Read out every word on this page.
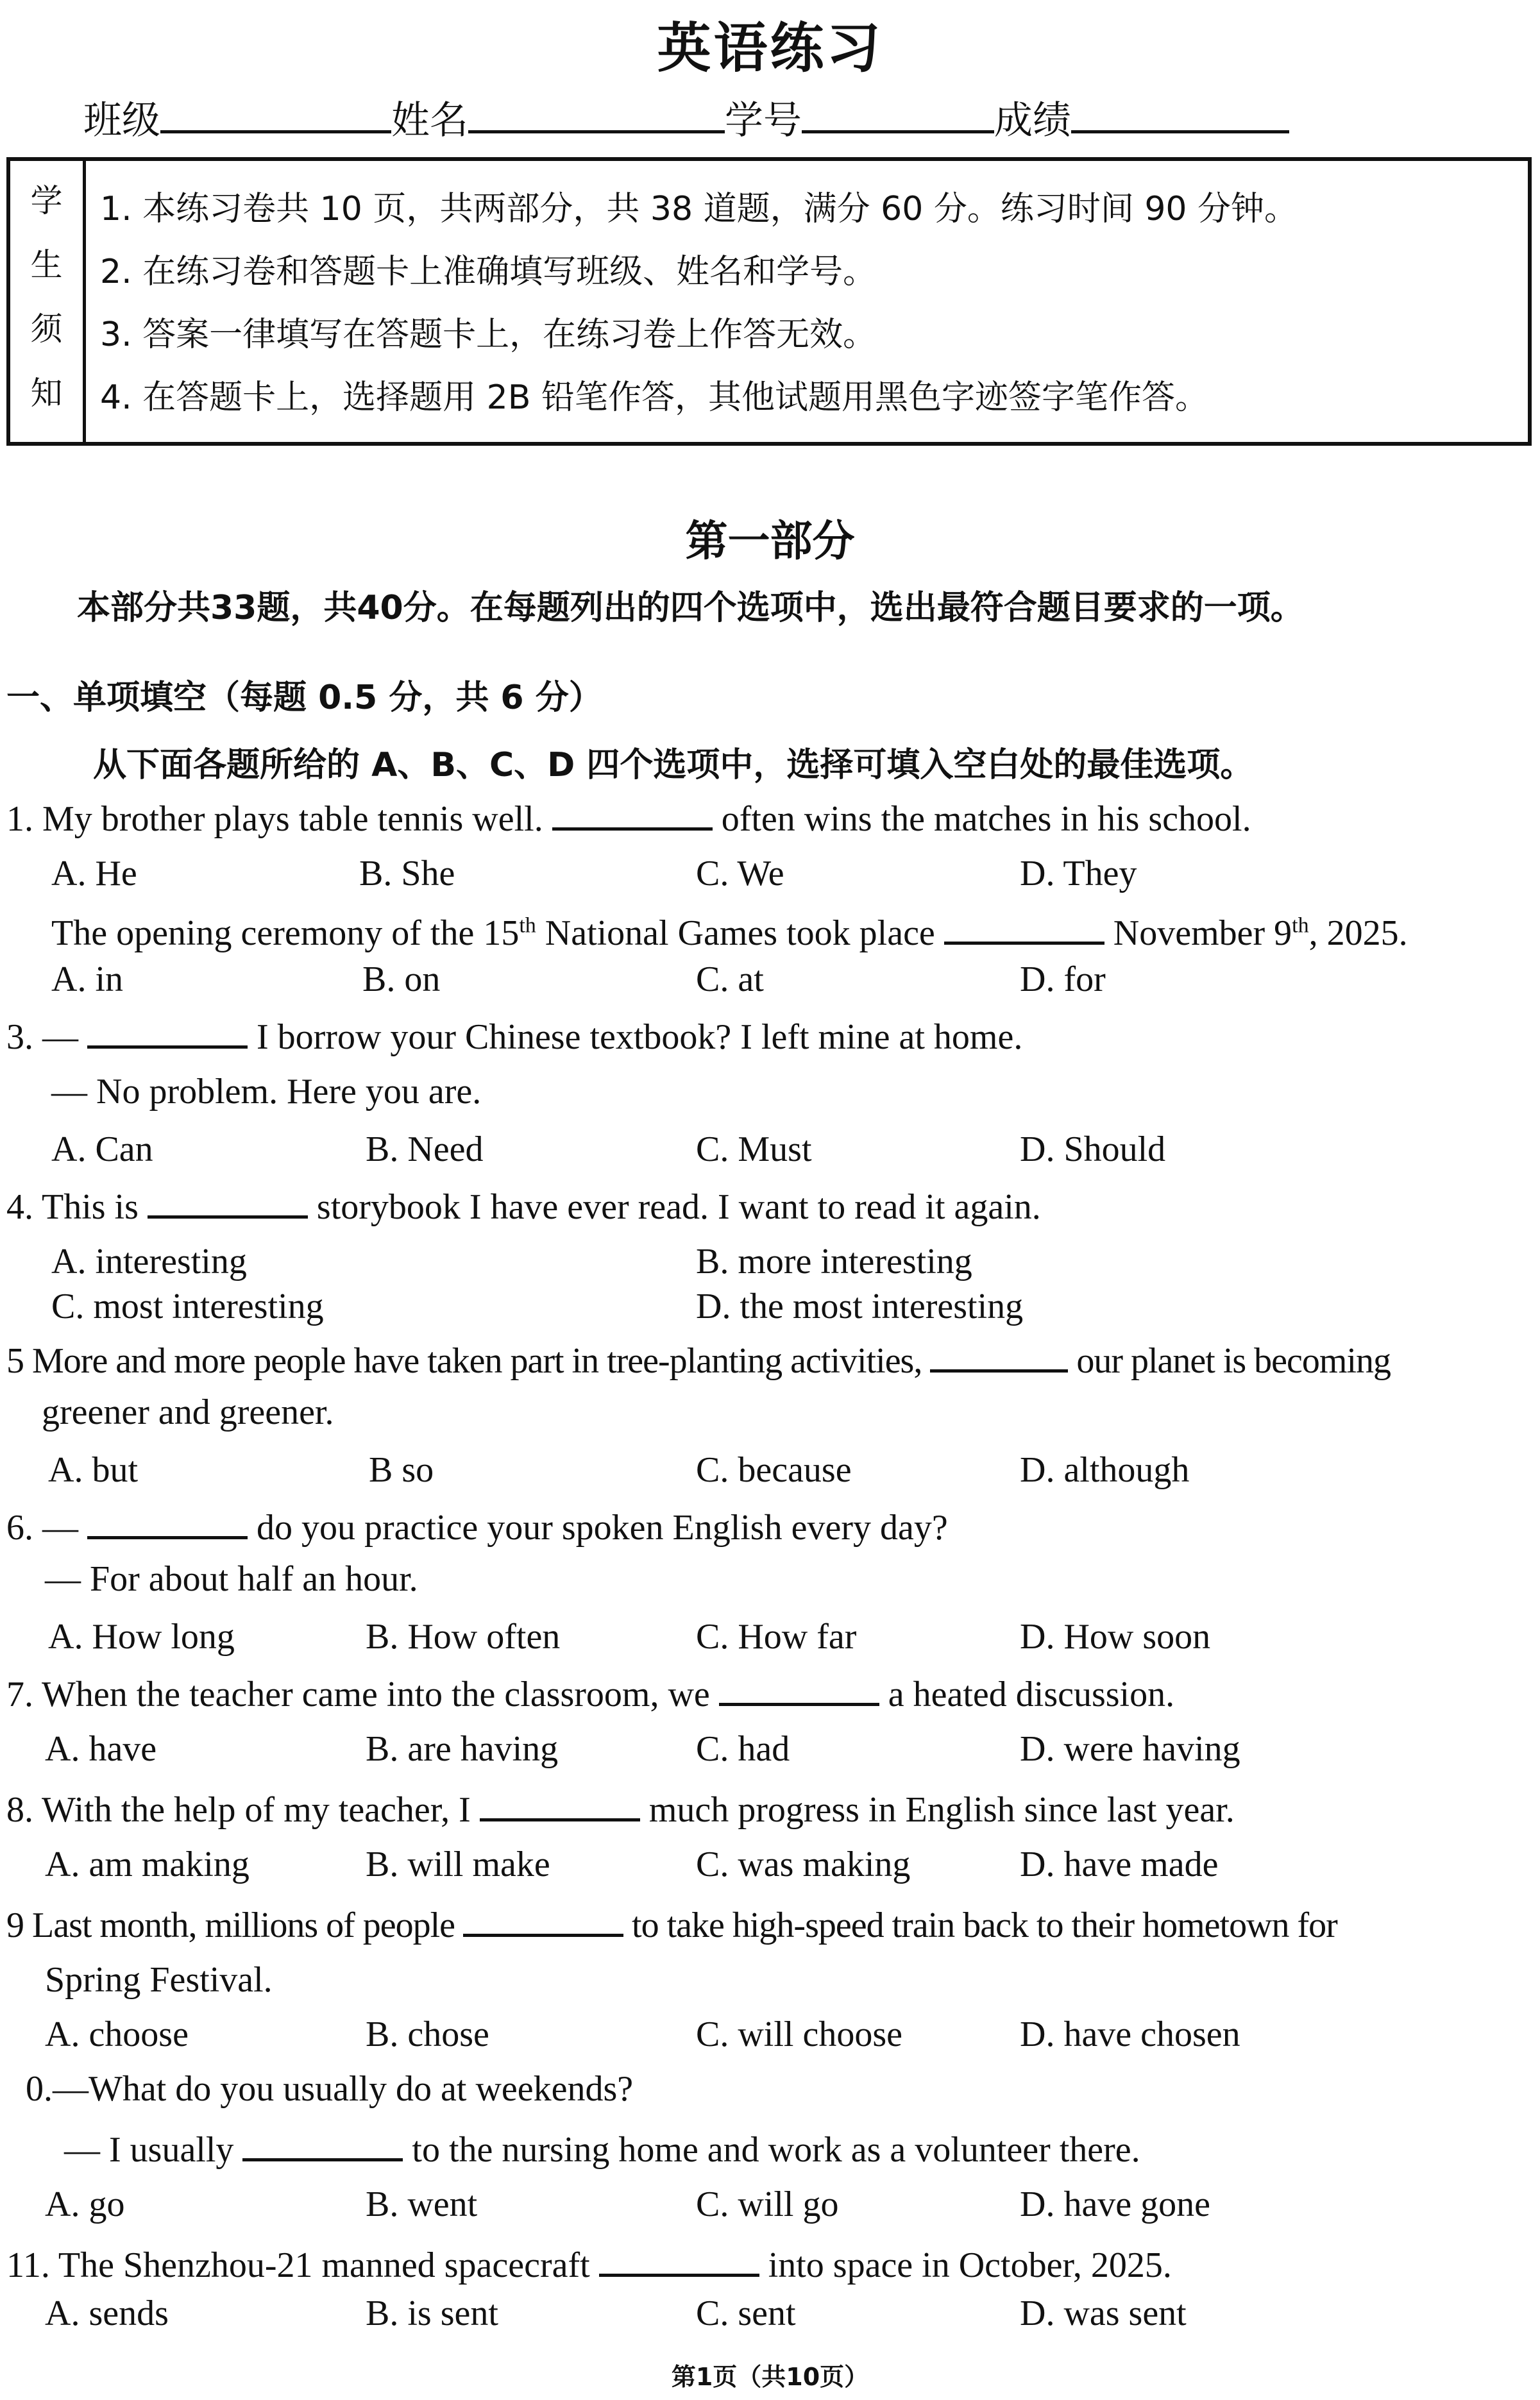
英语练习
班级	姓名	学号	成绩
学
生
须
知
1. 本练习卷共 10 页，共两部分，共 38 道题，满分 60 分。练习时间 90 分钟。
2. 在练习卷和答题卡上准确填写班级、姓名和学号。
3. 答案一律填写在答题卡上，在练习卷上作答无效。
4. 在答题卡上，选择题用 2B 铅笔作答，其他试题用黑色字迹签字笔作答。
第一部分
本部分共33题，共40分。在每题列出的四个选项中，选出最符合题目要求的一项。
一、单项填空（每题 0.5 分，共 6 分）
从下面各题所给的 A、B、C、D 四个选项中，选择可填入空白处的最佳选项。
1. My brother plays table tennis well.	often wins the matches in his school.
A. He	B. She	C. We	D. They
The opening ceremony of the 15th National Games took place	November 9th, 2025.
A. in	B. on	C. at	D. for
3. —	I borrow your Chinese textbook? I left mine at home.
— No problem. Here you are.
A. Can	B. Need	C. Must	D. Should
4. This is	storybook I have ever read. I want to read it again.
A. interesting	B. more interesting
C. most interesting	D. the most interesting
5 More and more people have taken part in tree-planting activities,	our planet is becoming
greener and greener.
A. but	B so	C. because	D. although
6. —	do you practice your spoken English every day?
— For about half an hour.
A. How long	B. How often	C. How far	D. How soon
7. When the teacher came into the classroom, we	a heated discussion.
A. have	B. are having	C. had	D. were having
8. With the help of my teacher, I	much progress in English since last year.
A. am making	B. will make	C. was making	D. have made
9 Last month, millions of people	to take high-speed train back to their hometown for
Spring Festival.
A. choose	B. chose	C. will choose	D. have chosen
0.—What do you usually do at weekends?
— I usually	to the nursing home and work as a volunteer there.
A. go	B. went	C. will go	D. have gone
11. The Shenzhou-21 manned spacecraft	into space in October, 2025.
A. sends	B. is sent	C. sent	D. was sent
第1页（共10页）
